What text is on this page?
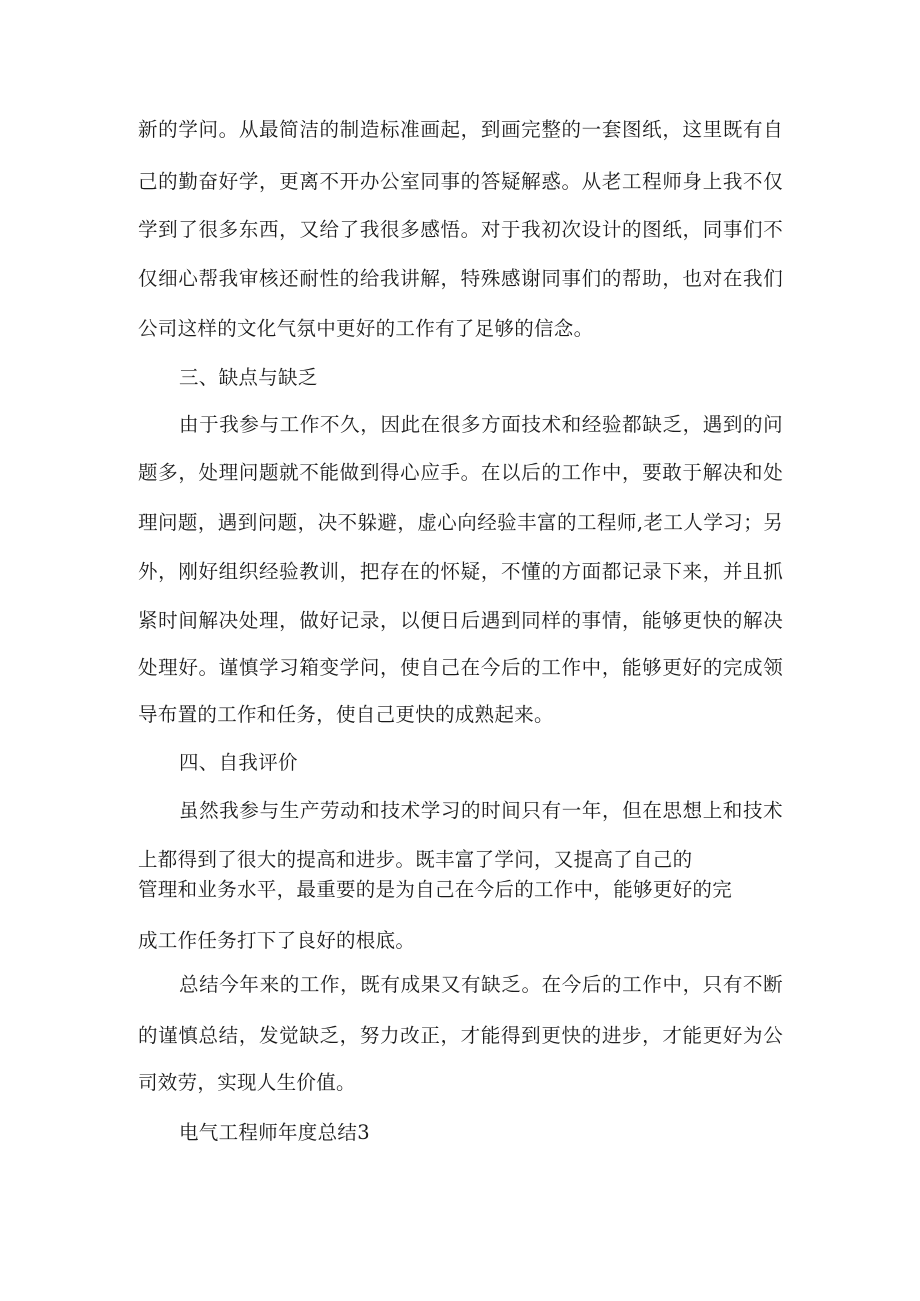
新的学问。从最简洁的制造标准画起，到画完整的一套图纸，这里既有自
己的勤奋好学，更离不开办公室同事的答疑解惑。从老工程师身上我不仅
学到了很多东西，又给了我很多感悟。对于我初次设计的图纸，同事们不
仅细心帮我审核还耐性的给我讲解，特殊感谢同事们的帮助，也对在我们
公司这样的文化气氛中更好的工作有了足够的信念。
三、缺点与缺乏
由于我参与工作不久，因此在很多方面技术和经验都缺乏，遇到的问
题多，处理问题就不能做到得心应手。在以后的工作中，要敢于解决和处
理问题，遇到问题，决不躲避，虚心向经验丰富的工程师,老工人学习；另
外，刚好组织经验教训，把存在的怀疑，不懂的方面都记录下来，并且抓
紧时间解决处理，做好记录，以便日后遇到同样的事情，能够更快的解决
处理好。谨慎学习箱变学问，使自己在今后的工作中，能够更好的完成领
导布置的工作和任务，使自己更快的成熟起来。
四、自我评价
虽然我参与生产劳动和技术学习的时间只有一年，但在思想上和技术
上都得到了很大的提高和进步。既丰富了学问，又提高了自己的
管理和业务水平，最重要的是为自己在今后的工作中，能够更好的完
成工作任务打下了良好的根底。
总结今年来的工作，既有成果又有缺乏。在今后的工作中，只有不断
的谨慎总结，发觉缺乏，努力改正，才能得到更快的进步，才能更好为公
司效劳，实现人生价值。
电气工程师年度总结3
